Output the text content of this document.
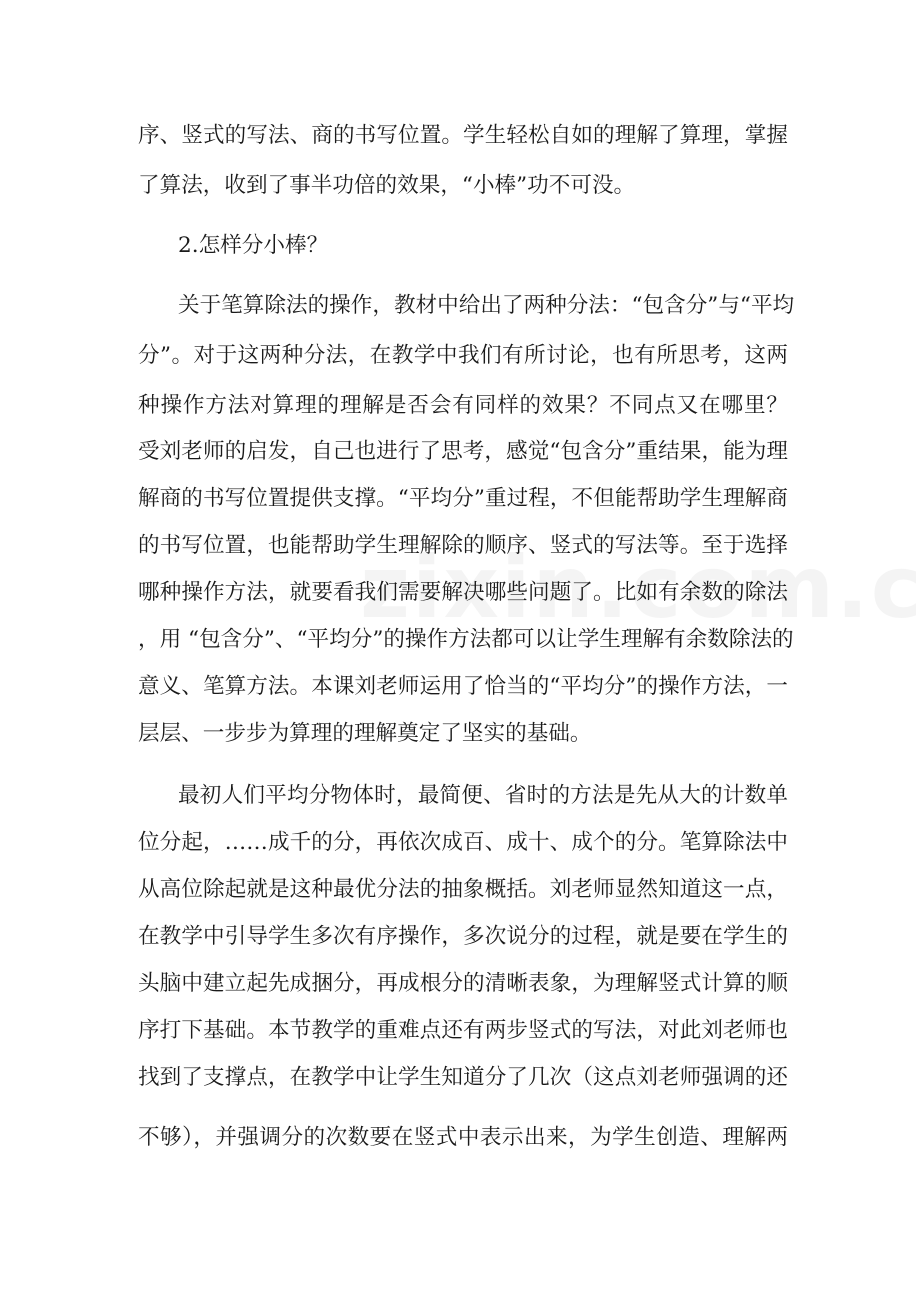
序、竖式的写法、商的书写位置。学生轻松自如的理解了算理，掌握
了算法，收到了事半功倍的效果，“小棒”功不可没。
2.怎样分小棒？
关于笔算除法的操作，教材中给出了两种分法：“包含分”与“平均
分”。对于这两种分法，在教学中我们有所讨论，也有所思考，这两
种操作方法对算理的理解是否会有同样的效果？不同点又在哪里？
受刘老师的启发，自己也进行了思考，感觉“包含分”重结果，能为理
解商的书写位置提供支撑。“平均分”重过程，不但能帮助学生理解商
的书写位置，也能帮助学生理解除的顺序、竖式的写法等。至于选择
哪种操作方法，就要看我们需要解决哪些问题了。比如有余数的除法
，用 “包含分”、“平均分”的操作方法都可以让学生理解有余数除法的
意义、笔算方法。本课刘老师运用了恰当的“平均分”的操作方法，一
层层、一步步为算理的理解奠定了坚实的基础。
最初人们平均分物体时，最简便、省时的方法是先从大的计数单
位分起，……成千的分，再依次成百、成十、成个的分。笔算除法中
从高位除起就是这种最优分法的抽象概括。刘老师显然知道这一点，
在教学中引导学生多次有序操作，多次说分的过程，就是要在学生的
头脑中建立起先成捆分，再成根分的清晰表象，为理解竖式计算的顺
序打下基础。本节教学的重难点还有两步竖式的写法，对此刘老师也
找到了支撑点，在教学中让学生知道分了几次（这点刘老师强调的还
不够），并强调分的次数要在竖式中表示出来，为学生创造、理解两
